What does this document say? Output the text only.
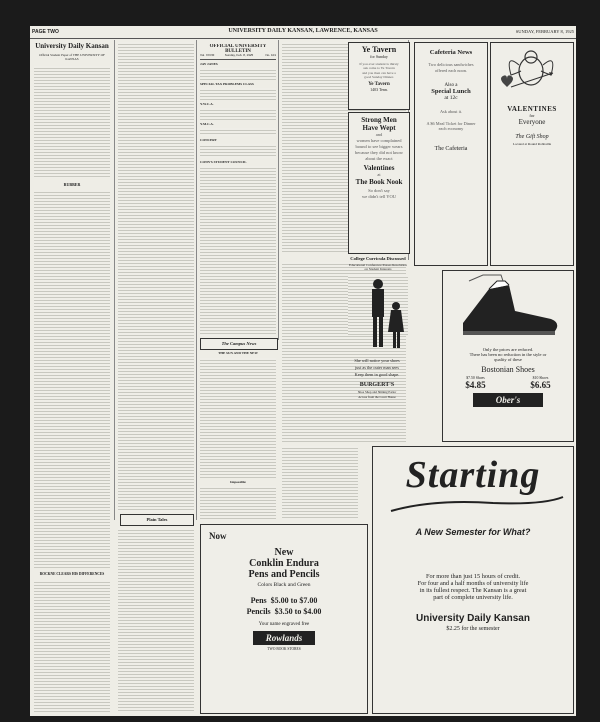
PAGE TWO	UNIVERSITY DAILY KANSAN, LAWRENCE, KANSAS	SUNDAY, FEBRUARY 8, 1925
University Daily Kansan
Official Student Paper of THE UNIVERSITY OF KANSAS
RUBBER
ROCKNE CLEARS HIS DIFFERENCES
Plain Tales
OFFICIAL UNIVERSITY BULLETIN
Vol. XXVIII	Sunday, Feb. 8, 1925	No. 101
JAY JANES
SPECIAL TAX PROBLEMS CLASS
Y.W.C.A.
Y.M.C.A.
CONCERT
CONN'S STUDENT COUNCIL
The Campus News
THE SUN AND THE NEW
Impossible
Ye Tavern
for Sunday
If you ever student is thirsty
ask come to Ye Tavern
and you then can have a
good Sunday Dinner.
Ye Tavern
1403 Tenn.
Strong Men
Have Wept
and
women have complained
bound to see bigger wears
because they did not know
about the exact
Valentines
at
The Book Nook
So don't say
we didn't tell YOU
College Curricula Discussed
Educational Conference Passes Resolution on Student Interests
She will notice your shoes
just as the outer man sees
Keep them in good shape.
BURGERT'S
Shoe Shop and Shining Parlor
Across from the Court House
Cafeteria News
Two delicious sandwiches
offered each noon.
Also a
Special Lunch
at 12c
Ask about it.
A $6 Meal Ticket for Dinner
each economy
The Cafeteria
VALENTINES
for
Everyone
The Gift Shop
Located at Round Robitaille
Only the prices are reduced.
There has been no reduction in the style or
quality of these
Bostonian Shoes
$7.50 Shoes
$4.85
$10 Shoes
$6.65
Ober's
Now
New
Conklin Endura
Pens and Pencils
Colors Black and Green
Pens $5.00 to $7.00
Pencils $3.50 to $4.00
Your name engraved free
Rowlands
TWO BOOK STORES
Starting
A New Semester for What?
For more than just 15 hours of credit.
For four and a half months of university life
in its fullest respect. The Kansan is a great
part of complete university life.
University Daily Kansan
$2.25 for the semester
